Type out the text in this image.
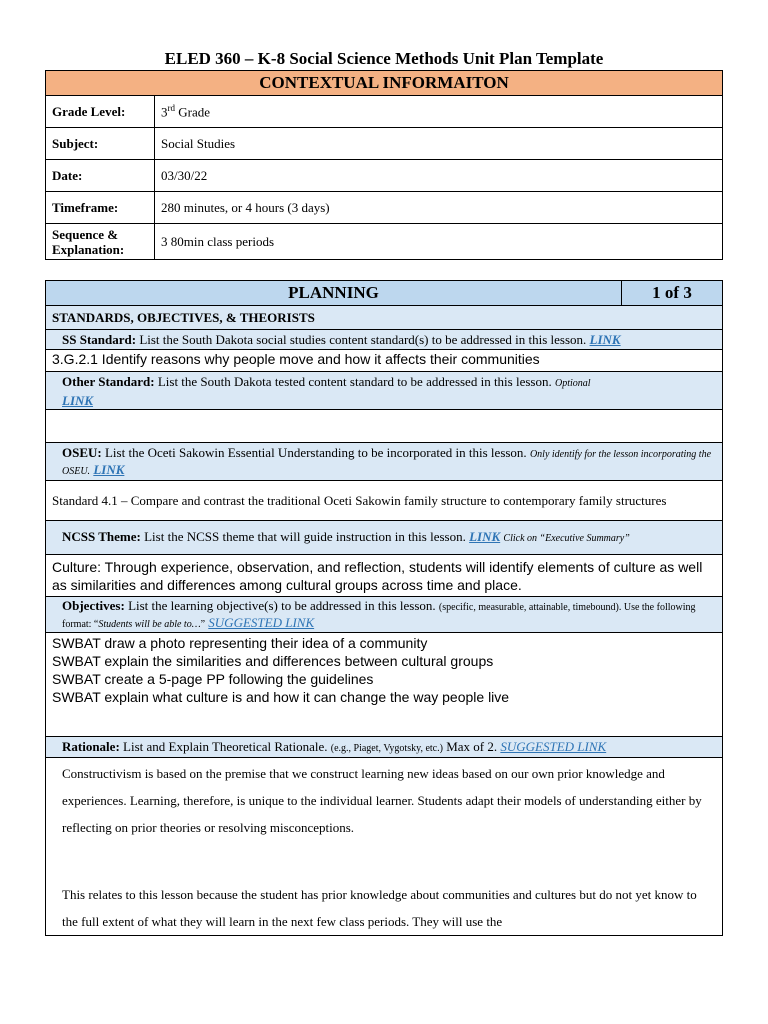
ELED 360 – K-8 Social Science Methods Unit Plan Template
CONTEXTUAL INFORMAITON	
Grade Level:	3rd Grade
Subject:	Social Studies
Date:	03/30/22
Timeframe:	280 minutes, or 4 hours (3 days)
Sequence & Explanation:	3 80min class periods
PLANNING	1 of 3
STANDARDS, OBJECTIVES, & THEORISTS
SS Standard: List the South Dakota social studies content standard(s) to be addressed in this lesson. LINK
3.G.2.1 Identify reasons why people move and how it affects their communities
Other Standard: List the South Dakota tested content standard to be addressed in this lesson. Optional
LINK

OSEU: List the Oceti Sakowin Essential Understanding to be incorporated in this lesson. Only identify for the lesson incorporating the OSEU. LINK
Standard 4.1 – Compare and contrast the traditional Oceti Sakowin family structure to contemporary family structures
NCSS Theme: List the NCSS theme that will guide instruction in this lesson. LINK Click on “Executive Summary”
Culture: Through experience, observation, and reflection, students will identify elements of culture as well as similarities and differences among cultural groups across time and place.
Objectives: List the learning objective(s) to be addressed in this lesson. (specific, measurable, attainable, timebound). Use the following format: “Students will be able to…” SUGGESTED LINK

SWBAT draw a photo representing their idea of a community
SWBAT explain the similarities and differences between cultural groups
SWBAT create a 5-page PP following the guidelines
SWBAT explain what culture is and how it can change the way people live

Rationale: List and Explain Theoretical Rationale. (e.g., Piaget, Vygotsky, etc.) Max of 2. SUGGESTED LINK

Constructivism is based on the premise that we construct learning new ideas based on our own prior knowledge and experiences. Learning, therefore, is unique to the individual learner. Students adapt their models of understanding either by reflecting on prior theories or resolving misconceptions.
This relates to this lesson because the student has prior knowledge about communities and cultures but do not yet know to the full extent of what they will learn in the next few class periods. They will use the
